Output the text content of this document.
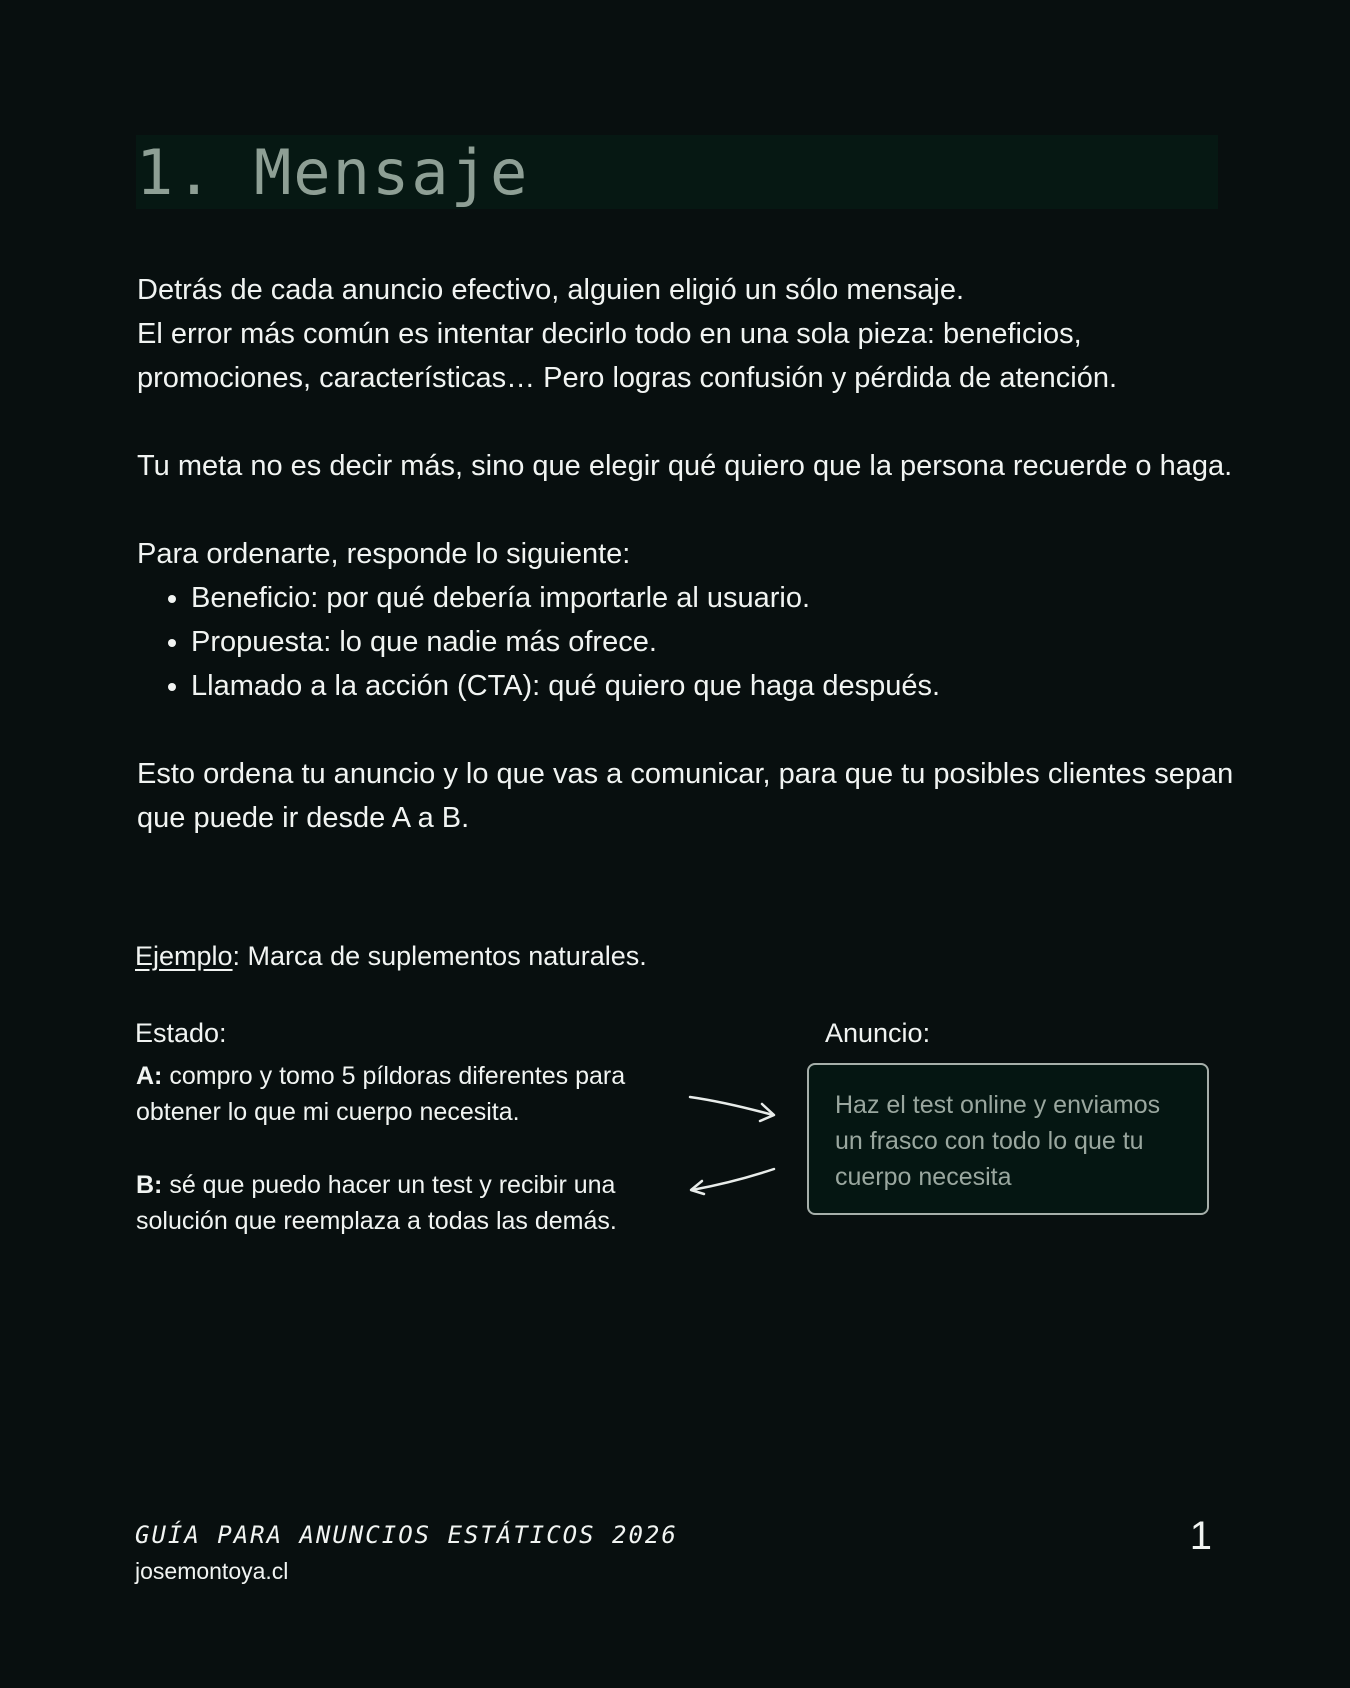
1. Mensaje

Detrás de cada anuncio efectivo, alguien eligió un sólo mensaje.

El error más común es intentar decirlo todo en una sola pieza: beneficios, promociones, características… Pero logras confusión y pérdida de atención.

Tu meta no es decir más, sino que elegir qué quiero que la persona recuerde o haga.

Para ordenarte, responde lo siguiente:

• Beneficio: por qué debería importarle al usuario.
• Propuesta: lo que nadie más ofrece.
• Llamado a la acción (CTA): qué quiero que haga después.

Esto ordena tu anuncio y lo que vas a comunicar, para que tu posibles clientes sepan que puede ir desde A a B.

Ejemplo: Marca de suplementos naturales.
Estado:	Anuncio:
A: compro y tomo 5 píldoras diferentes para obtener lo que mi cuerpo necesita.
B: sé que puedo hacer un test y recibir una solución que reemplaza a todas las demás.
Haz el test online y enviamos un frasco con todo lo que tu cuerpo necesita
GUÍA PARA ANUNCIOS ESTÁTICOS 2026
josemontoya.cl
1
